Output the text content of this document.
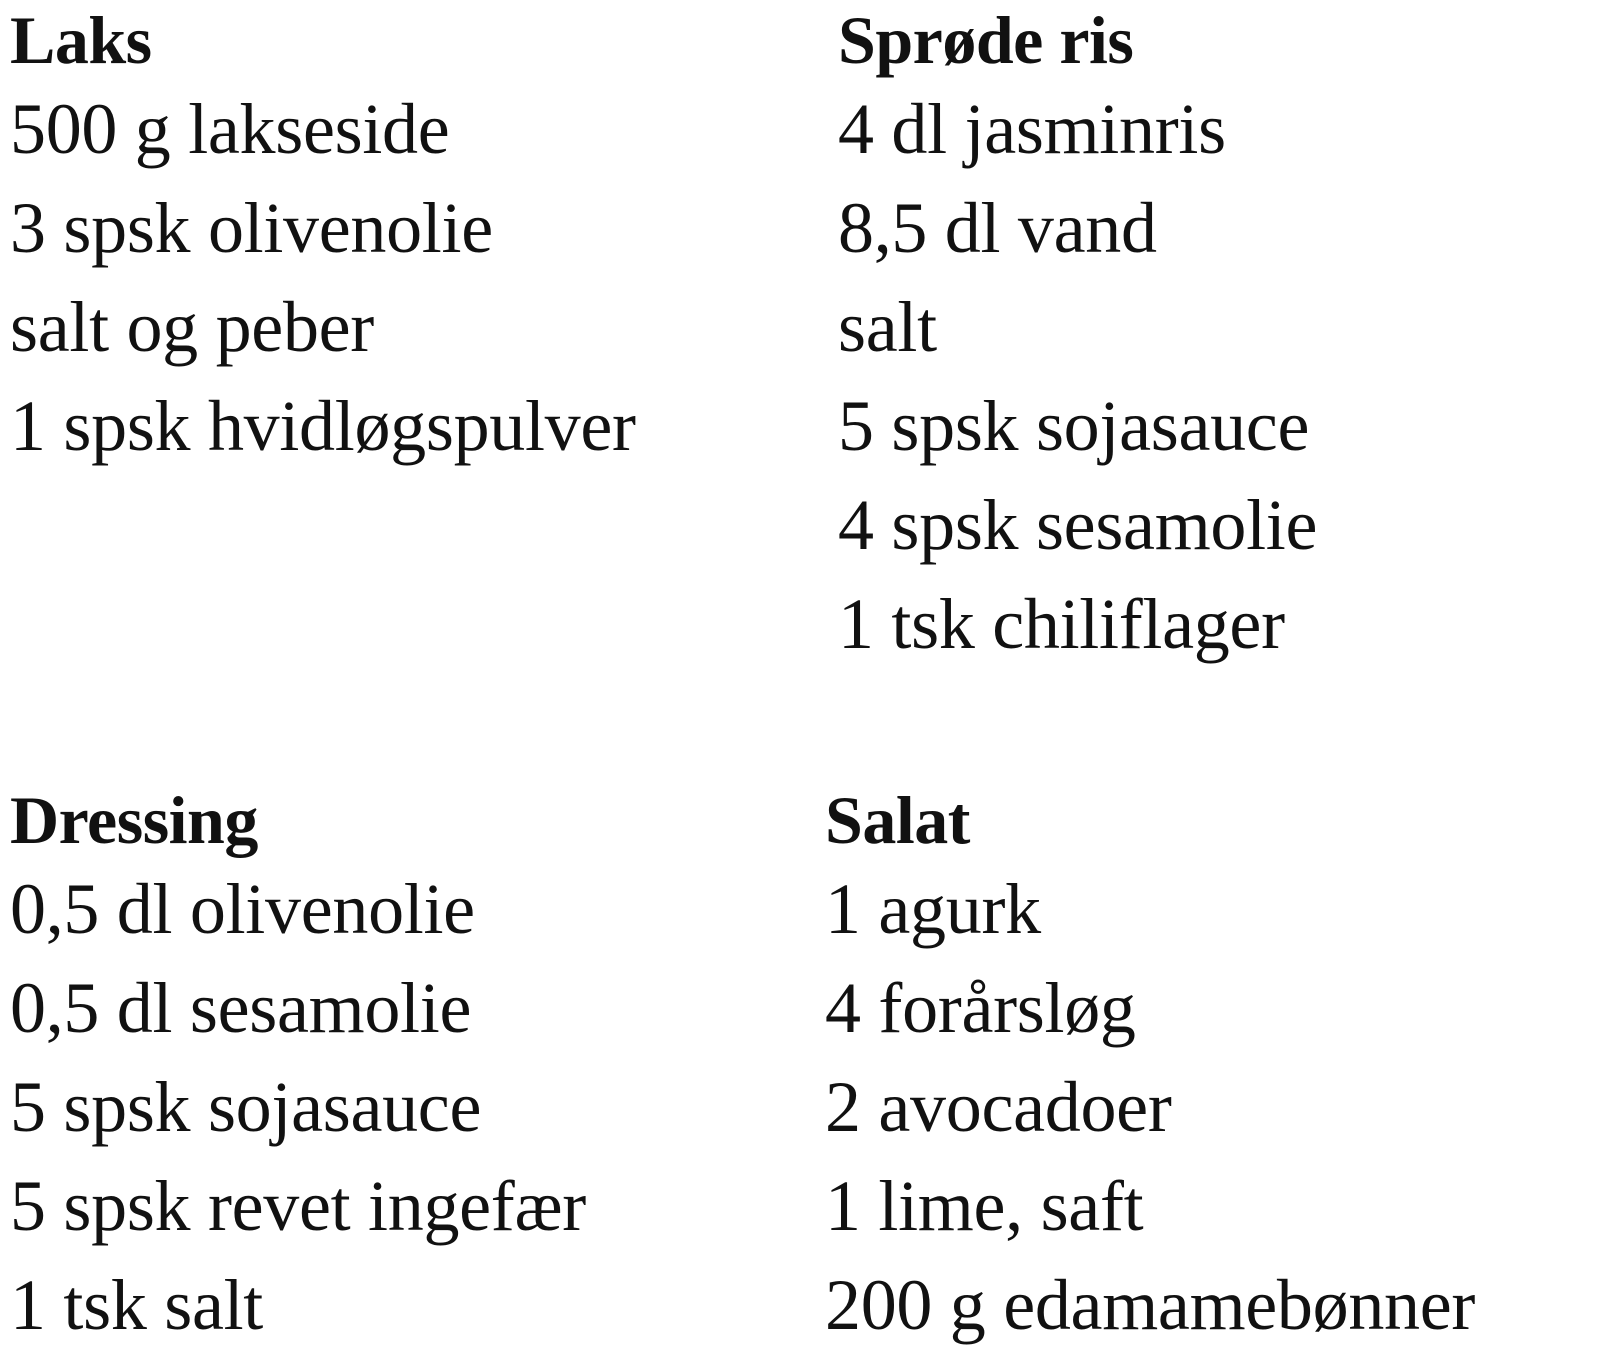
Laks
500 g lakseside
3 spsk olivenolie
salt og peber
1 spsk hvidløgspulver
Sprøde ris
4 dl jasminris
8,5 dl vand
salt
5 spsk sojasauce
4 spsk sesamolie
1 tsk chiliflager
Dressing
0,5 dl olivenolie
0,5 dl sesamolie
5 spsk sojasauce
5 spsk revet ingefær
1 tsk salt
Salat
1 agurk
4 forårsløg
2 avocadoer
1 lime, saft
200 g edamamebønner
